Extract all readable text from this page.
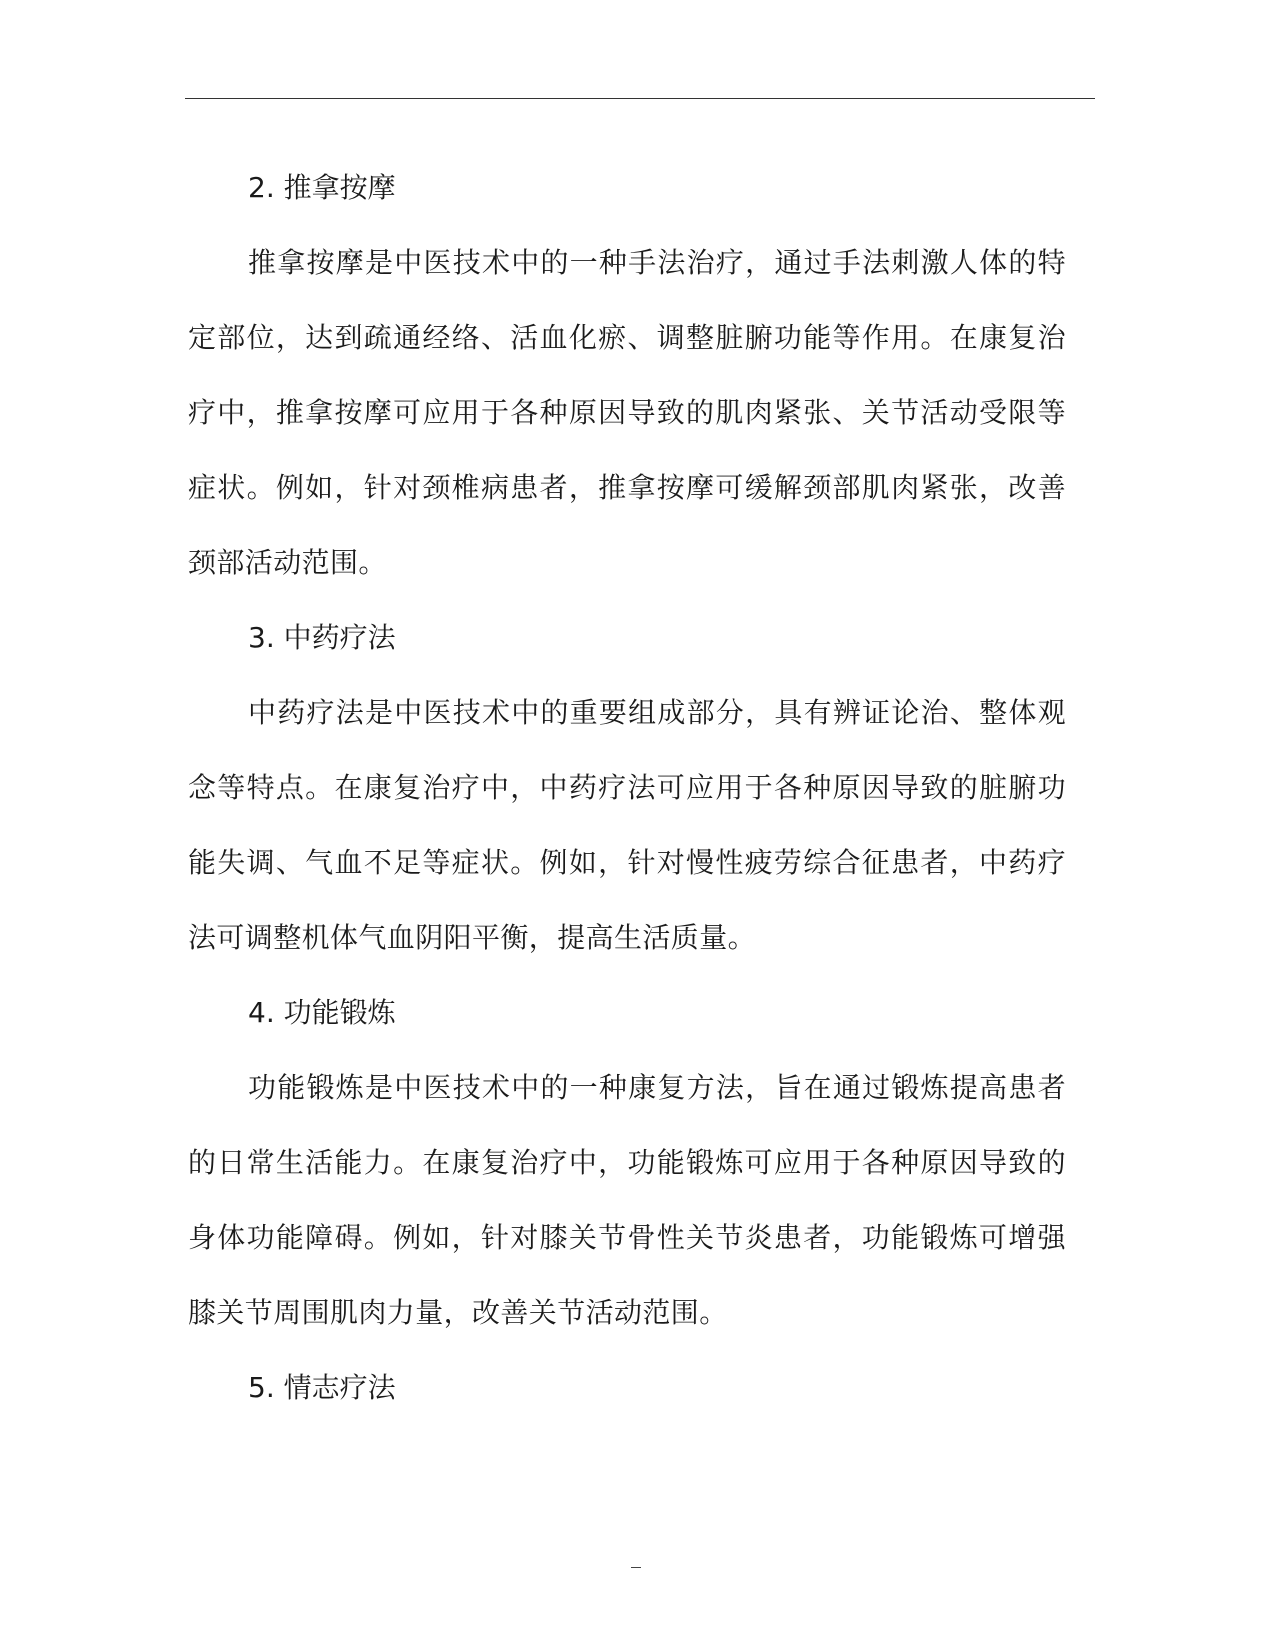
2. 推拿按摩

推拿按摩是中医技术中的一种手法治疗，通过手法刺激人体的特定部位，达到疏通经络、活血化瘀、调整脏腑功能等作用。在康复治疗中，推拿按摩可应用于各种原因导致的肌肉紧张、关节活动受限等症状。例如，针对颈椎病患者，推拿按摩可缓解颈部肌肉紧张，改善颈部活动范围。

3. 中药疗法

中药疗法是中医技术中的重要组成部分，具有辨证论治、整体观念等特点。在康复治疗中，中药疗法可应用于各种原因导致的脏腑功能失调、气血不足等症状。例如，针对慢性疲劳综合征患者，中药疗法可调整机体气血阴阳平衡，提高生活质量。

4. 功能锻炼

功能锻炼是中医技术中的一种康复方法，旨在通过锻炼提高患者的日常生活能力。在康复治疗中，功能锻炼可应用于各种原因导致的身体功能障碍。例如，针对膝关节骨性关节炎患者，功能锻炼可增强膝关节周围肌肉力量，改善关节活动范围。

5. 情志疗法
